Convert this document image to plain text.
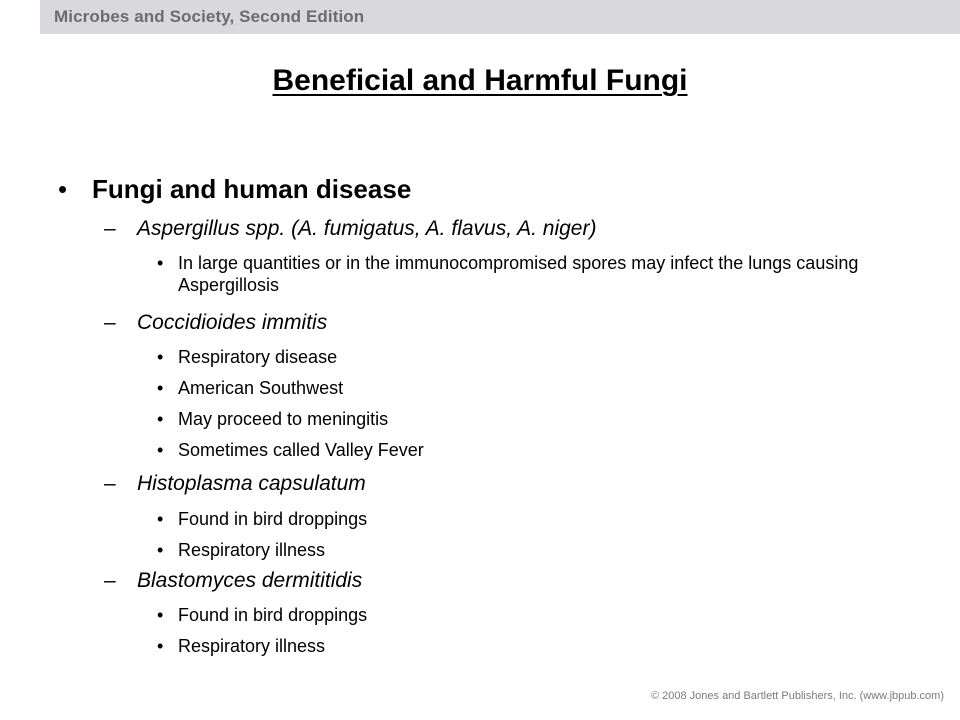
Microbes and Society, Second Edition
Beneficial and Harmful Fungi
• Fungi and human disease
–	Aspergillus spp. (A. fumigatus, A. flavus, A. niger)
• In large quantities or in the immunocompromised spores may infect the lungs causing Aspergillosis
–	Coccidioides immitis
• Respiratory disease
• American Southwest
• May proceed to meningitis
• Sometimes called Valley Fever
–	Histoplasma capsulatum
• Found in bird droppings
• Respiratory illness
–	Blastomyces dermititidis
• Found in bird droppings
• Respiratory illness
© 2008 Jones and Bartlett Publishers, Inc. (www.jbpub.com)
